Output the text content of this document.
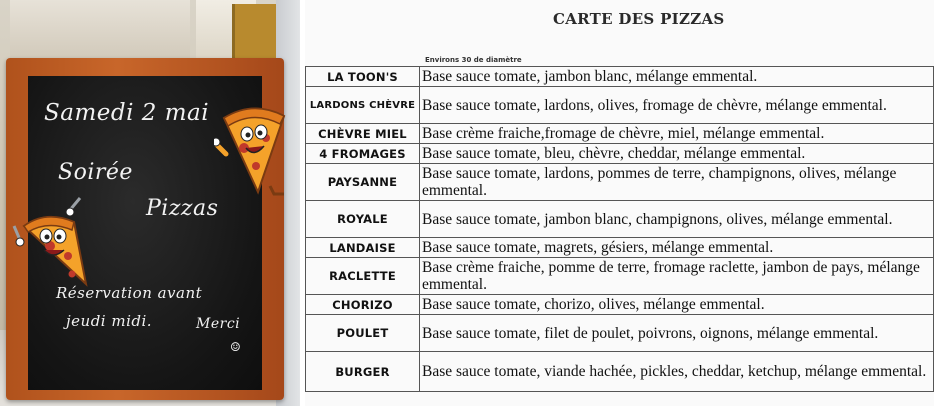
Samedi 2 mai
Soirée
Pizzas
Réservation avant
jeudi midi.	Merci
☺
CARTE DES PIZZAS
Environs 30 de diamètre
LA TOON'S	Base sauce tomate, jambon blanc, mélange emmental.
LARDONS CHÈVRE	Base sauce tomate, lardons, olives, fromage de chèvre, mélange emmental.
CHÈVRE MIEL	Base crème fraiche,fromage de chèvre, miel, mélange emmental.
4 FROMAGES	Base sauce tomate, bleu, chèvre, cheddar, mélange emmental.
PAYSANNE	Base sauce tomate, lardons, pommes de terre, champignons, olives, mélange emmental.
ROYALE	Base sauce tomate, jambon blanc, champignons, olives, mélange emmental.
LANDAISE	Base sauce tomate, magrets, gésiers, mélange emmental.
RACLETTE	Base crème fraiche, pomme de terre, fromage raclette, jambon de pays, mélange emmental.
CHORIZO	Base sauce tomate, chorizo, olives, mélange emmental.
POULET	Base sauce tomate, filet de poulet, poivrons, oignons, mélange emmental.
BURGER	Base sauce tomate, viande hachée, pickles, cheddar, ketchup, mélange emmental.
